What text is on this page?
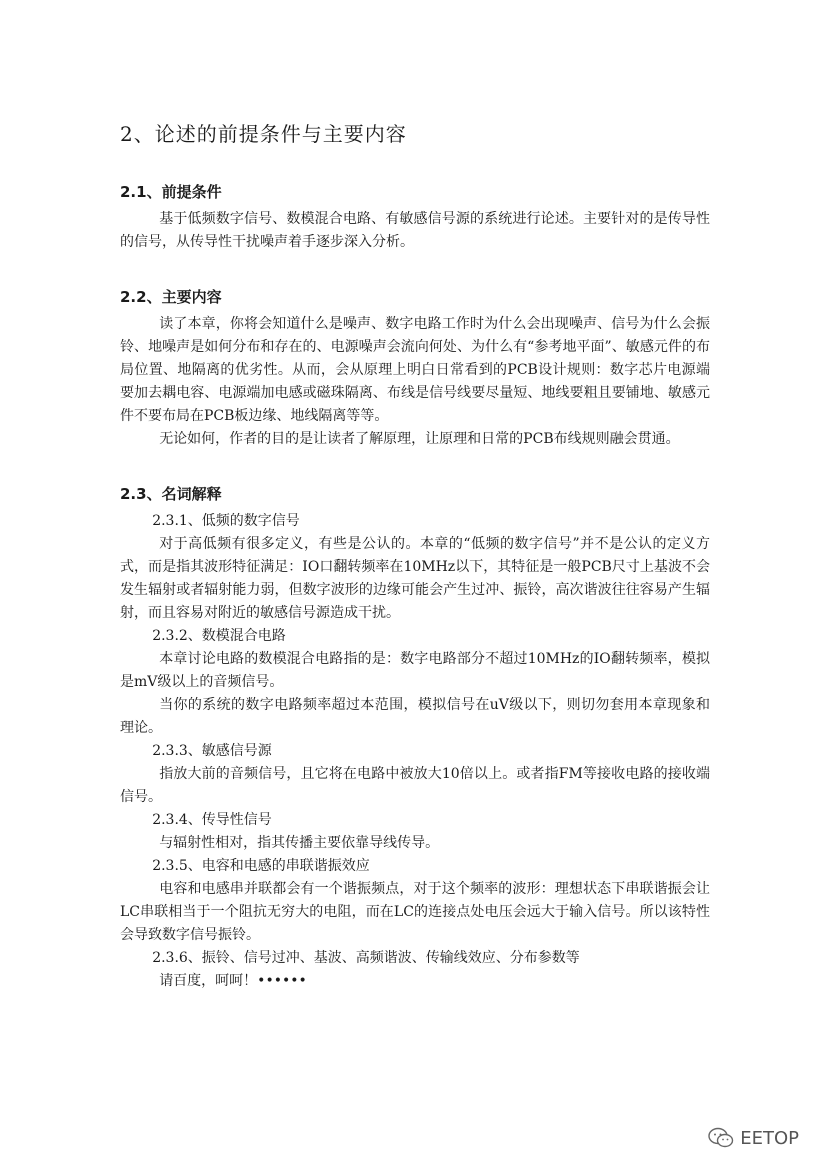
2、论述的前提条件与主要内容
2.1、前提条件

基于低频数字信号、数模混合电路、有敏感信号源的系统进行论述。主要针对的是传导性的信号，从传导性干扰噪声着手逐步深入分析。

2.2、主要内容

读了本章，你将会知道什么是噪声、数字电路工作时为什么会出现噪声、信号为什么会振铃、地噪声是如何分布和存在的、电源噪声会流向何处、为什么有“参考地平面”、敏感元件的布局位置、地隔离的优劣性。从而，会从原理上明白日常看到的PCB设计规则：数字芯片电源端要加去耦电容、电源端加电感或磁珠隔离、布线是信号线要尽量短、地线要粗且要铺地、敏感元件不要布局在PCB板边缘、地线隔离等等。

无论如何，作者的目的是让读者了解原理，让原理和日常的PCB布线规则融会贯通。

2.3、名词解释
2.3.1、低频的数字信号

对于高低频有很多定义，有些是公认的。本章的“低频的数字信号”并不是公认的定义方式，而是指其波形特征满足：IO口翻转频率在10MHz以下，其特征是一般PCB尺寸上基波不会发生辐射或者辐射能力弱，但数字波形的边缘可能会产生过冲、振铃，高次谐波往往容易产生辐射，而且容易对附近的敏感信号源造成干扰。

2.3.2、数模混合电路

本章讨论电路的数模混合电路指的是：数字电路部分不超过10MHz的IO翻转频率，模拟是mV级以上的音频信号。

当你的系统的数字电路频率超过本范围，模拟信号在uV级以下，则切勿套用本章现象和理论。

2.3.3、敏感信号源

指放大前的音频信号，且它将在电路中被放大10倍以上。或者指FM等接收电路的接收端信号。

2.3.4、传导性信号

与辐射性相对，指其传播主要依靠导线传导。

2.3.5、电容和电感的串联谐振效应

电容和电感串并联都会有一个谐振频点，对于这个频率的波形：理想状态下串联谐振会让LC串联相当于一个阻抗无穷大的电阻，而在LC的连接点处电压会远大于输入信号。所以该特性会导致数字信号振铃。

2.3.6、振铃、信号过冲、基波、高频谐波、传输线效应、分布参数等

请百度，呵呵！••••••

EETOP
